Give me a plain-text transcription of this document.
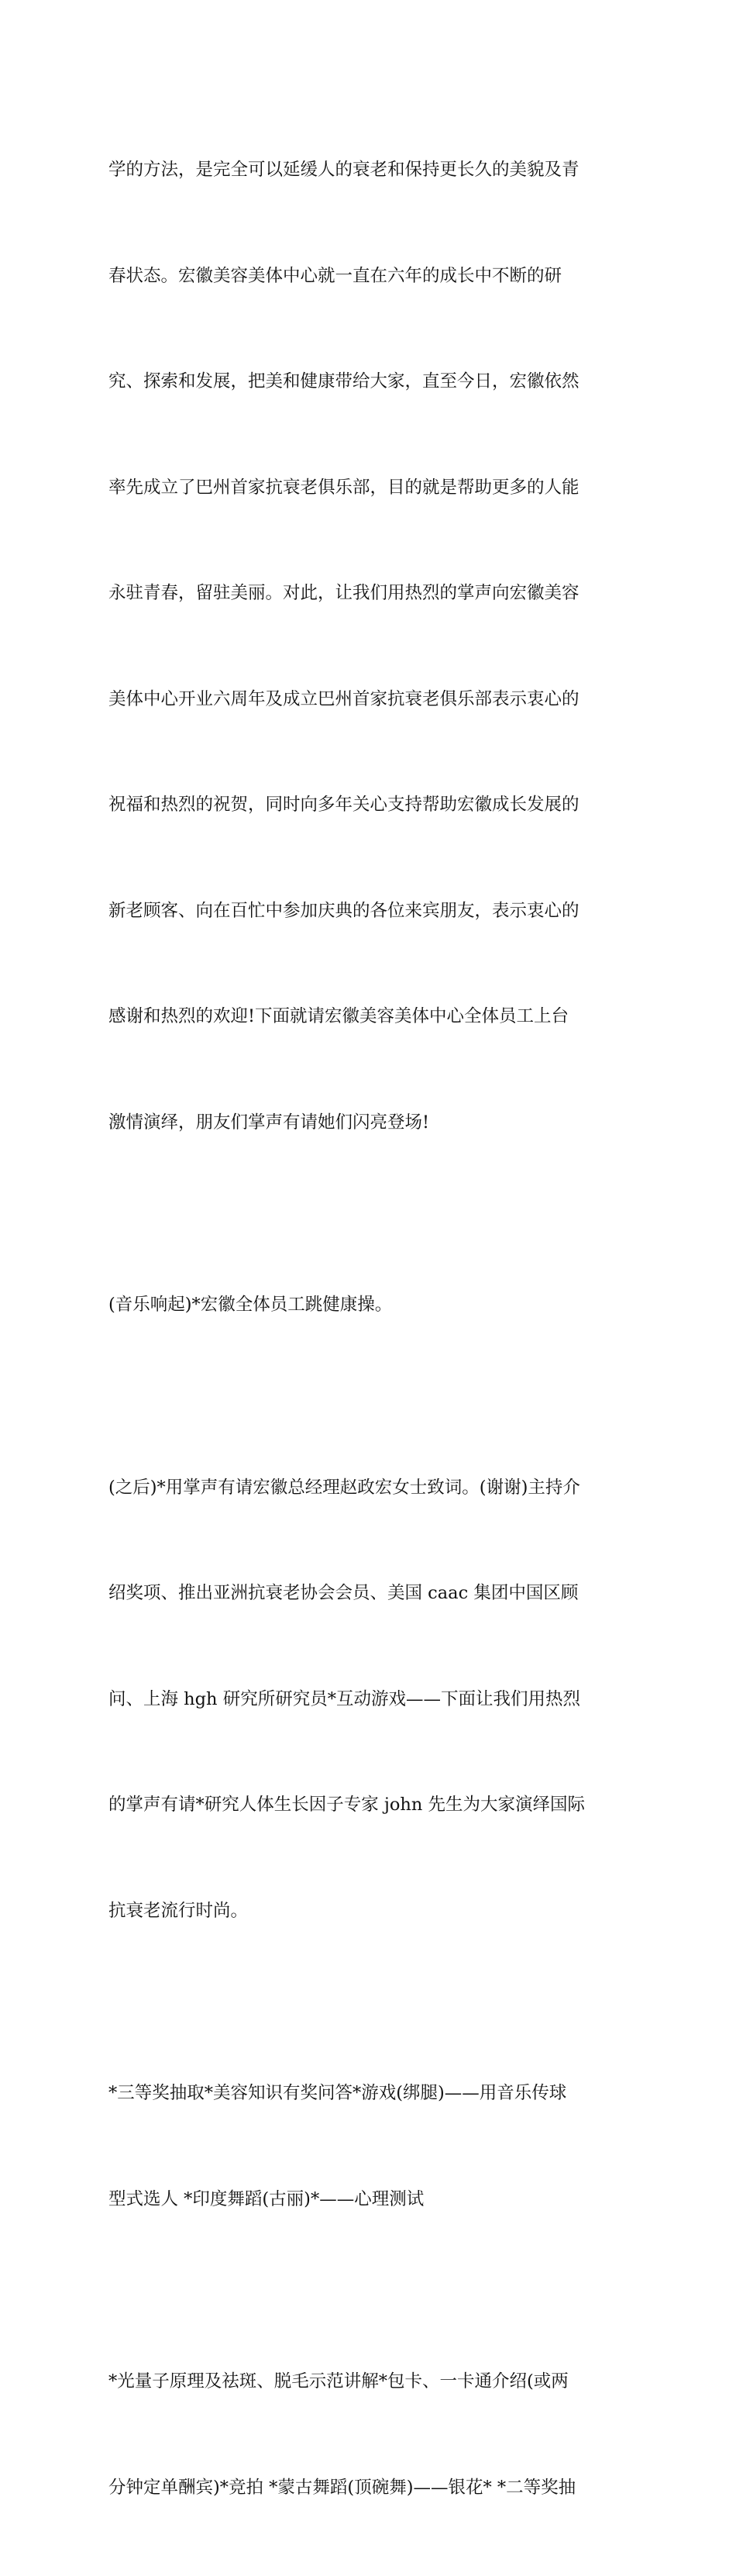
学的方法，是完全可以延缓人的衰老和保持更长久的美貌及青

春状态。宏徽美容美体中心就一直在六年的成长中不断的研

究、探索和发展，把美和健康带给大家，直至今日，宏徽依然

率先成立了巴州首家抗衰老俱乐部，目的就是帮助更多的人能

永驻青春，留驻美丽。对此，让我们用热烈的掌声向宏徽美容

美体中心开业六周年及成立巴州首家抗衰老俱乐部表示衷心的

祝福和热烈的祝贺，同时向多年关心支持帮助宏徽成长发展的

新老顾客、向在百忙中参加庆典的各位来宾朋友，表示衷心的

感谢和热烈的欢迎!下面就请宏徽美容美体中心全体员工上台

激情演绎，朋友们掌声有请她们闪亮登场!

(音乐响起)*宏徽全体员工跳健康操。

(之后)*用掌声有请宏徽总经理赵政宏女士致词。(谢谢)主持介

绍奖项、推出亚洲抗衰老协会会员、美国 caac 集团中国区顾

问、上海 hgh 研究所研究员*互动游戏——下面让我们用热烈

的掌声有请*研究人体生长因子专家 john 先生为大家演绎国际

抗衰老流行时尚。

*三等奖抽取*美容知识有奖问答*游戏(绑腿)——用音乐传球

型式选人 *印度舞蹈(古丽)*——心理测试

*光量子原理及祛斑、脱毛示范讲解*包卡、一卡通介绍(或两

分钟定单酬宾)*竞拍 *蒙古舞蹈(顶碗舞)——银花* *二等奖抽
